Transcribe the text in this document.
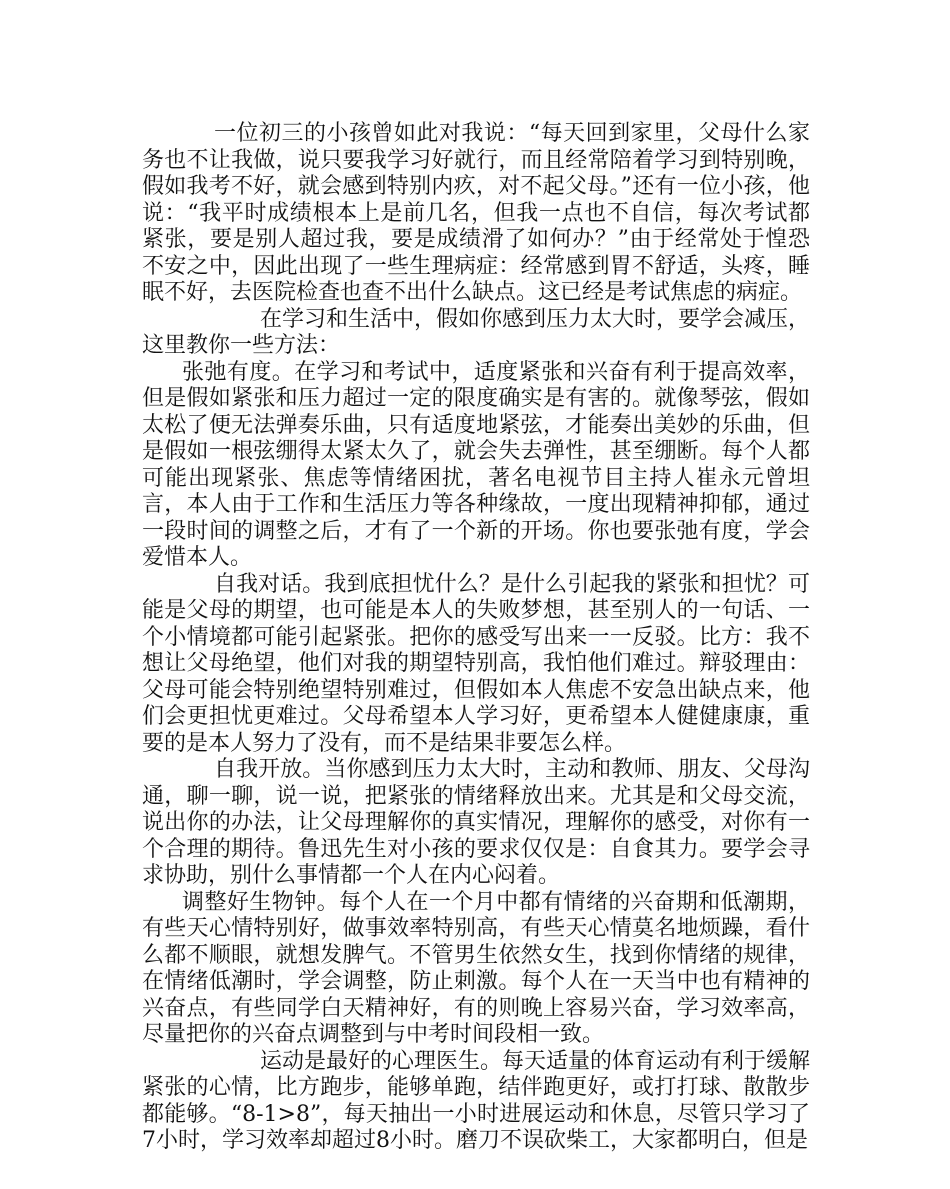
一位初三的小孩曾如此对我说：“每天回到家里，父母什么家务也不让我做，说只要我学习好就行，而且经常陪着学习到特别晚，假如我考不好，就会感到特别内疚，对不起父母。”还有一位小孩，他说：“我平时成绩根本上是前几名，但我一点也不自信，每次考试都紧张，要是别人超过我，要是成绩滑了如何办？”由于经常处于惶恐不安之中，因此出现了一些生理病症：经常感到胃不舒适，头疼，睡眠不好，去医院检查也查不出什么缺点。这已经是考试焦虑的病症。

在学习和生活中，假如你感到压力太大时，要学会减压，这里教你一些方法：

张弛有度。在学习和考试中，适度紧张和兴奋有利于提高效率，但是假如紧张和压力超过一定的限度确实是有害的。就像琴弦，假如太松了便无法弹奏乐曲，只有适度地紧弦，才能奏出美妙的乐曲，但是假如一根弦绷得太紧太久了，就会失去弹性，甚至绷断。每个人都可能出现紧张、焦虑等情绪困扰，著名电视节目主持人崔永元曾坦言，本人由于工作和生活压力等各种缘故，一度出现精神抑郁，通过一段时间的调整之后，才有了一个新的开场。你也要张弛有度，学会爱惜本人。

自我对话。我到底担忧什么？是什么引起我的紧张和担忧？可能是父母的期望，也可能是本人的失败梦想，甚至别人的一句话、一个小情境都可能引起紧张。把你的感受写出来一一反驳。比方：我不想让父母绝望，他们对我的期望特别高，我怕他们难过。辩驳理由：父母可能会特别绝望特别难过，但假如本人焦虑不安急出缺点来，他们会更担忧更难过。父母希望本人学习好，更希望本人健健康康，重要的是本人努力了没有，而不是结果非要怎么样。

自我开放。当你感到压力太大时，主动和教师、朋友、父母沟通，聊一聊，说一说，把紧张的情绪释放出来。尤其是和父母交流，说出你的办法，让父母理解你的真实情况，理解你的感受，对你有一个合理的期待。鲁迅先生对小孩的要求仅仅是：自食其力。要学会寻求协助，别什么事情都一个人在内心闷着。

调整好生物钟。每个人在一个月中都有情绪的兴奋期和低潮期，有些天心情特别好，做事效率特别高，有些天心情莫名地烦躁，看什么都不顺眼，就想发脾气。不管男生依然女生，找到你情绪的规律，在情绪低潮时，学会调整，防止刺激。每个人在一天当中也有精神的兴奋点，有些同学白天精神好，有的则晚上容易兴奋，学习效率高，尽量把你的兴奋点调整到与中考时间段相一致。

运动是最好的心理医生。每天适量的体育运动有利于缓解紧张的心情，比方跑步，能够单跑，结伴跑更好，或打打球、散散步都能够。“8-1>8”，每天抽出一小时进展运动和休息，尽管只学习了7小时，学习效率却超过8小时。磨刀不误砍柴工，大家都明白，但是
